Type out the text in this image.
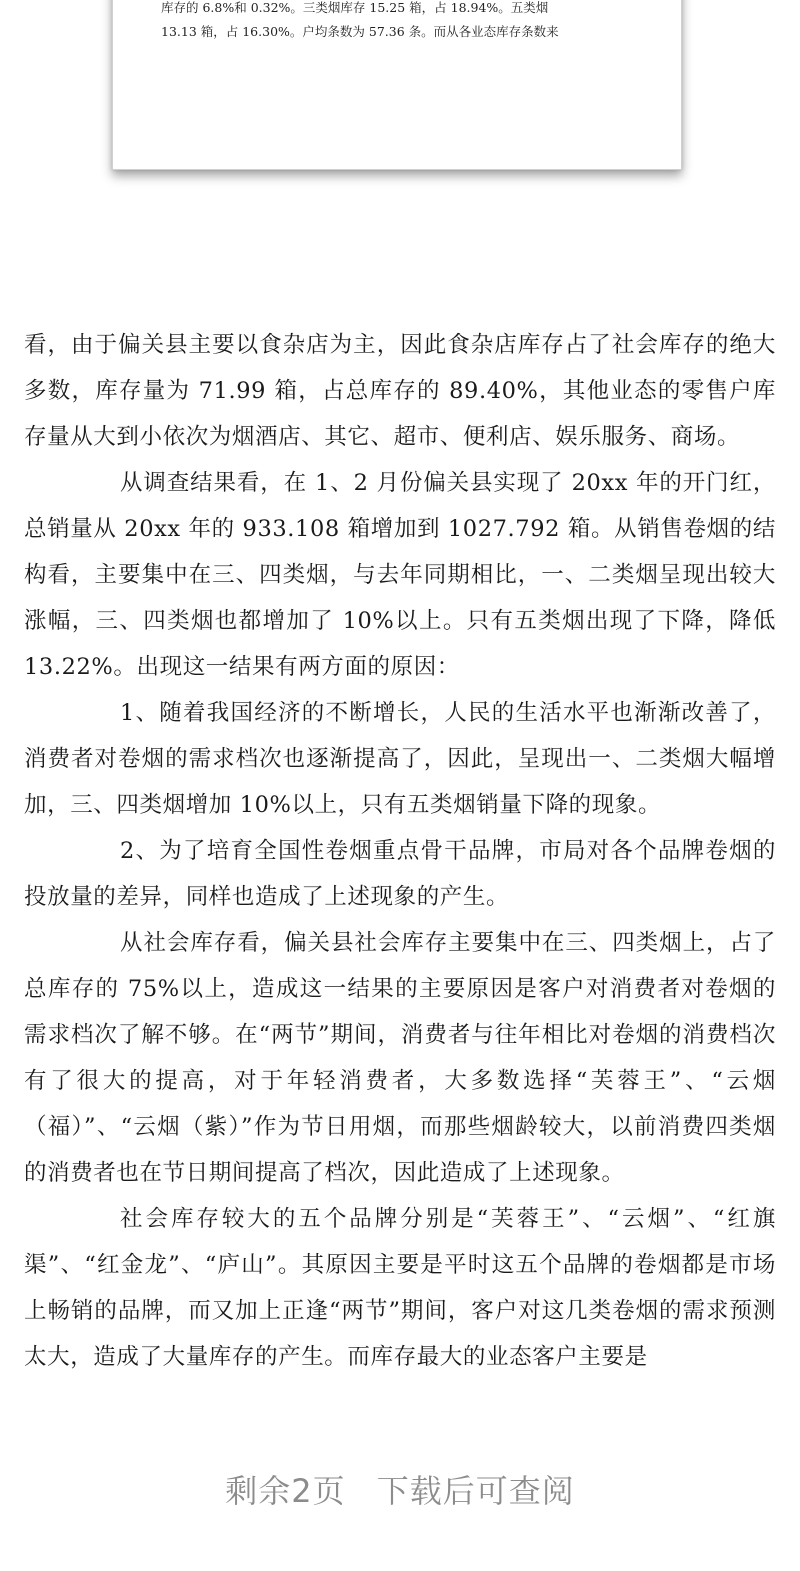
库存的 6.8%和 0.32%。三类烟库存 15.25 箱，占 18.94%。五类烟

13.13 箱，占 16.30%。户均条数为 57.36 条。而从各业态库存条数来

看，由于偏关县主要以食杂店为主，因此食杂店库存占了社会库存的绝大多数，库存量为 71.99 箱，占总库存的 89.40%，其他业态的零售户库存量从大到小依次为烟酒店、其它、超市、便利店、娱乐服务、商场。

从调查结果看，在 1、2 月份偏关县实现了 20xx 年的开门红，总销量从 20xx 年的 933.108 箱增加到 1027.792 箱。从销售卷烟的结构看，主要集中在三、四类烟，与去年同期相比，一、二类烟呈现出较大涨幅，三、四类烟也都增加了 10%以上。只有五类烟出现了下降，降低 13.22%。出现这一结果有两方面的原因：

1、随着我国经济的不断增长，人民的生活水平也渐渐改善了，消费者对卷烟的需求档次也逐渐提高了，因此，呈现出一、二类烟大幅增加，三、四类烟增加 10%以上，只有五类烟销量下降的现象。

2、为了培育全国性卷烟重点骨干品牌，市局对各个品牌卷烟的投放量的差异，同样也造成了上述现象的产生。

从社会库存看，偏关县社会库存主要集中在三、四类烟上，占了总库存的 75%以上，造成这一结果的主要原因是客户对消费者对卷烟的需求档次了解不够。在“两节”期间，消费者与往年相比对卷烟的消费档次有了很大的提高，对于年轻消费者，大多数选择“芙蓉王”、“云烟（福）”、“云烟（紫）”作为节日用烟，而那些烟龄较大，以前消费四类烟的消费者也在节日期间提高了档次，因此造成了上述现象。

社会库存较大的五个品牌分别是“芙蓉王”、“云烟”、“红旗渠”、“红金龙”、“庐山”。其原因主要是平时这五个品牌的卷烟都是市场上畅销的品牌，而又加上正逢“两节”期间，客户对这几类卷烟的需求预测太大，造成了大量库存的产生。而库存最大的业态客户主要是

剩余2页 下载后可查阅
